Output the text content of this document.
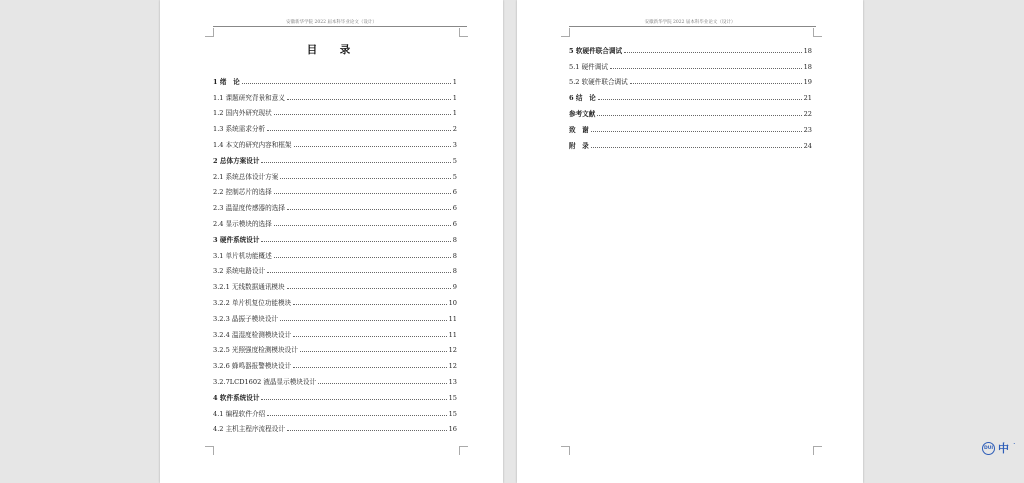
安徽新华学院 2022 届本科毕业论文（设计）
目　录
1 绪　论	1
1.1 课题研究背景和意义	1
1.2 国内外研究现状	1
1.3 系统需求分析	2
1.4 本文的研究内容和框架	3
2 总体方案设计	5
2.1 系统总体设计方案	5
2.2 控制芯片的选择	6
2.3 温湿度传感器的选择	6
2.4 显示模块的选择	6
3 硬件系统设计	8
3.1 单片机功能概述	8
3.2 系统电路设计	8
3.2.1 无线数据通讯模块	9
3.2.2 单片机复位功能模块	10
3.2.3 晶振子模块设计	11
3.2.4 温湿度检测模块设计	11
3.2.5 光照强度检测模块设计	12
3.2.6 蜂鸣器报警模块设计	12
3.2.7LCD1602 液晶显示模块设计	13
4 软件系统设计	15
4.1 编程软件介绍	15
4.2 主机主程序流程设计	16
安徽新华学院 2022 届本科毕业论文（设计）
5 软硬件联合调试	18
5.1 硬件调试	18
5.2 软硬件联合调试	19
6 结　论	21
参考文献	22
致　谢	23
附　录	24
DUI 中 ˙
